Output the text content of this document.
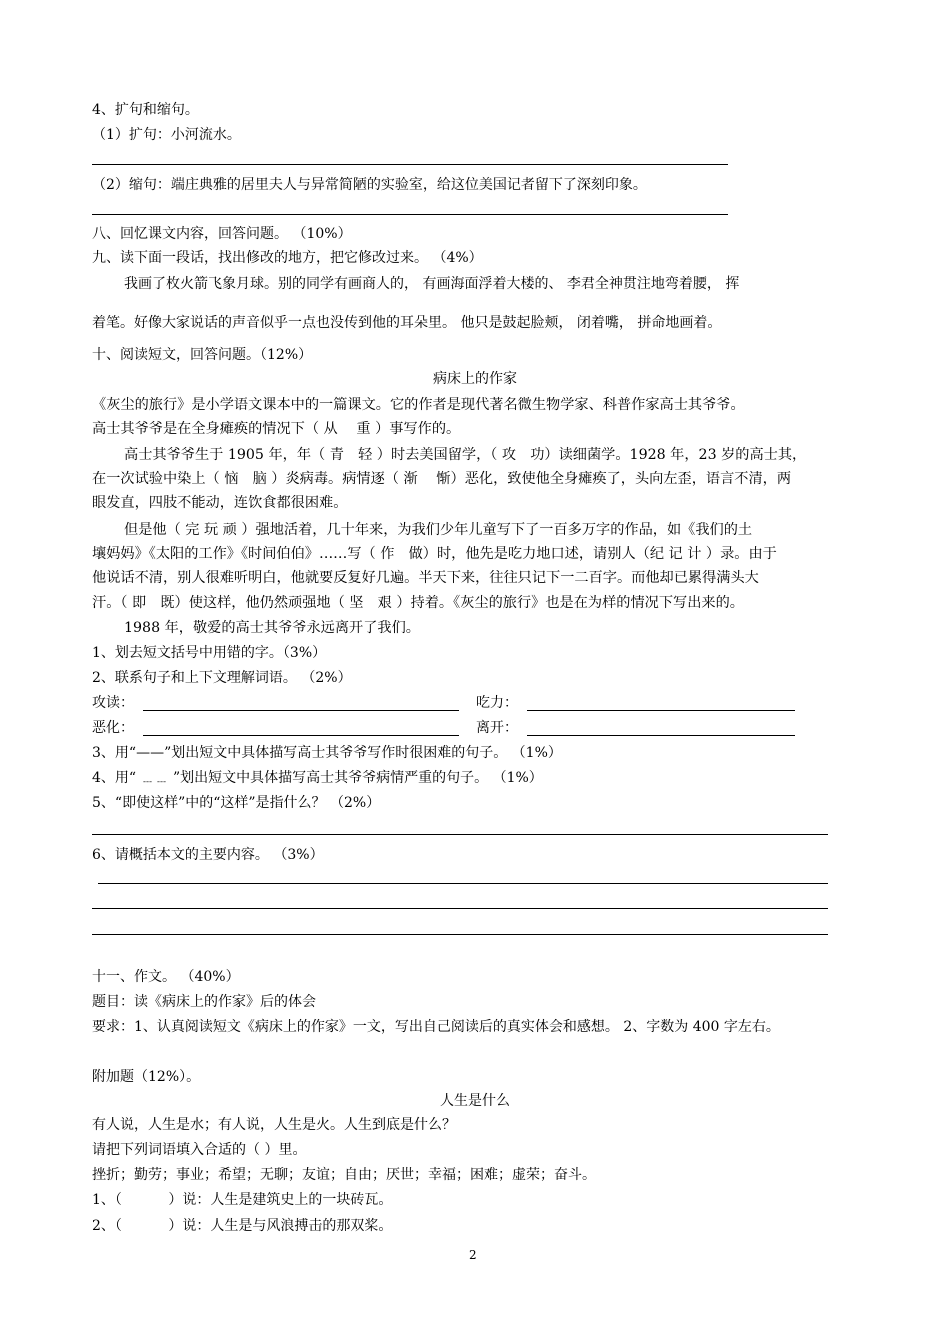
4、扩句和缩句。
（1）扩句：小河流水。
（2）缩句：端庄典雅的居里夫人与异常简陋的实验室，给这位美国记者留下了深刻印象。
八、回忆课文内容，回答问题。 （10%）
九、读下面一段话，找出修改的地方，把它修改过来。 （4%）
我画了枚火箭飞象月球。别的同学有画商人的， 有画海面浮着大楼的、 李君全神贯注地弯着腰， 挥
着笔。好像大家说话的声音似乎一点也没传到他的耳朵里。 他只是鼓起脸颊， 闭着嘴， 拼命地画着。
十、阅读短文，回答问题。（12%）
病床上的作家
《灰尘的旅行》是小学语文课本中的一篇课文。它的作者是现代著名微生物学家、科普作家高士其爷爷。
高士其爷爷是在全身瘫痪的情况下（ 从　 重 ）事写作的。
高士其爷爷生于 1905 年，年（ 青　轻 ）时去美国留学，（ 攻　功）读细菌学。1928 年，23 岁的高士其，
在一次试验中染上（ 恼　脑 ）炎病毒。病情逐（ 渐　 惭）恶化，致使他全身瘫痪了，头向左歪，语言不清，两
眼发直，四肢不能动，连饮食都很困难。
但是他（ 完 玩 顽 ）强地活着，几十年来，为我们少年儿童写下了一百多万字的作品，如《我们的土
壤妈妈》《太阳的工作》《时间伯伯》……写（ 作　做）时，他先是吃力地口述，请别人（纪 记 计 ）录。由于
他说话不清，别人很难听明白，他就要反复好几遍。半天下来，往往只记下一二百字。而他却已累得满头大
汗。（ 即　既）使这样，他仍然顽强地（ 坚　艰 ）持着。《灰尘的旅行》也是在为样的情况下写出来的。
1988 年，敬爱的高士其爷爷永远离开了我们。
1、划去短文括号中用错的字。（3%）
2、联系句子和上下文理解词语。 （2%）
攻读：	吃力：
恶化：	离开：
3、用“——”划出短文中具体描写高士其爷爷写作时很困难的句子。 （1%）
4、用“ ﹍﹍ ”划出短文中具体描写高士其爷爷病情严重的句子。 （1%）
5、“即使这样”中的“这样”是指什么？ （2%）
6、请概括本文的主要内容。 （3%）
十一、作文。 （40%）
题目：读《病床上的作家》后的体会
要求：1、认真阅读短文《病床上的作家》一文，写出自己阅读后的真实体会和感想。 2、字数为 400 字左右。
附加题（12%）。
人生是什么
有人说，人生是水；有人说，人生是火。人生到底是什么？
请把下列词语填入合适的（ ）里。
挫折；勤劳；事业；希望；无聊；友谊；自由；厌世；幸福；困难；虚荣；奋斗。
1、（　　　 ）说：人生是建筑史上的一块砖瓦。
2、（　　　 ）说：人生是与风浪搏击的那双桨。
2
